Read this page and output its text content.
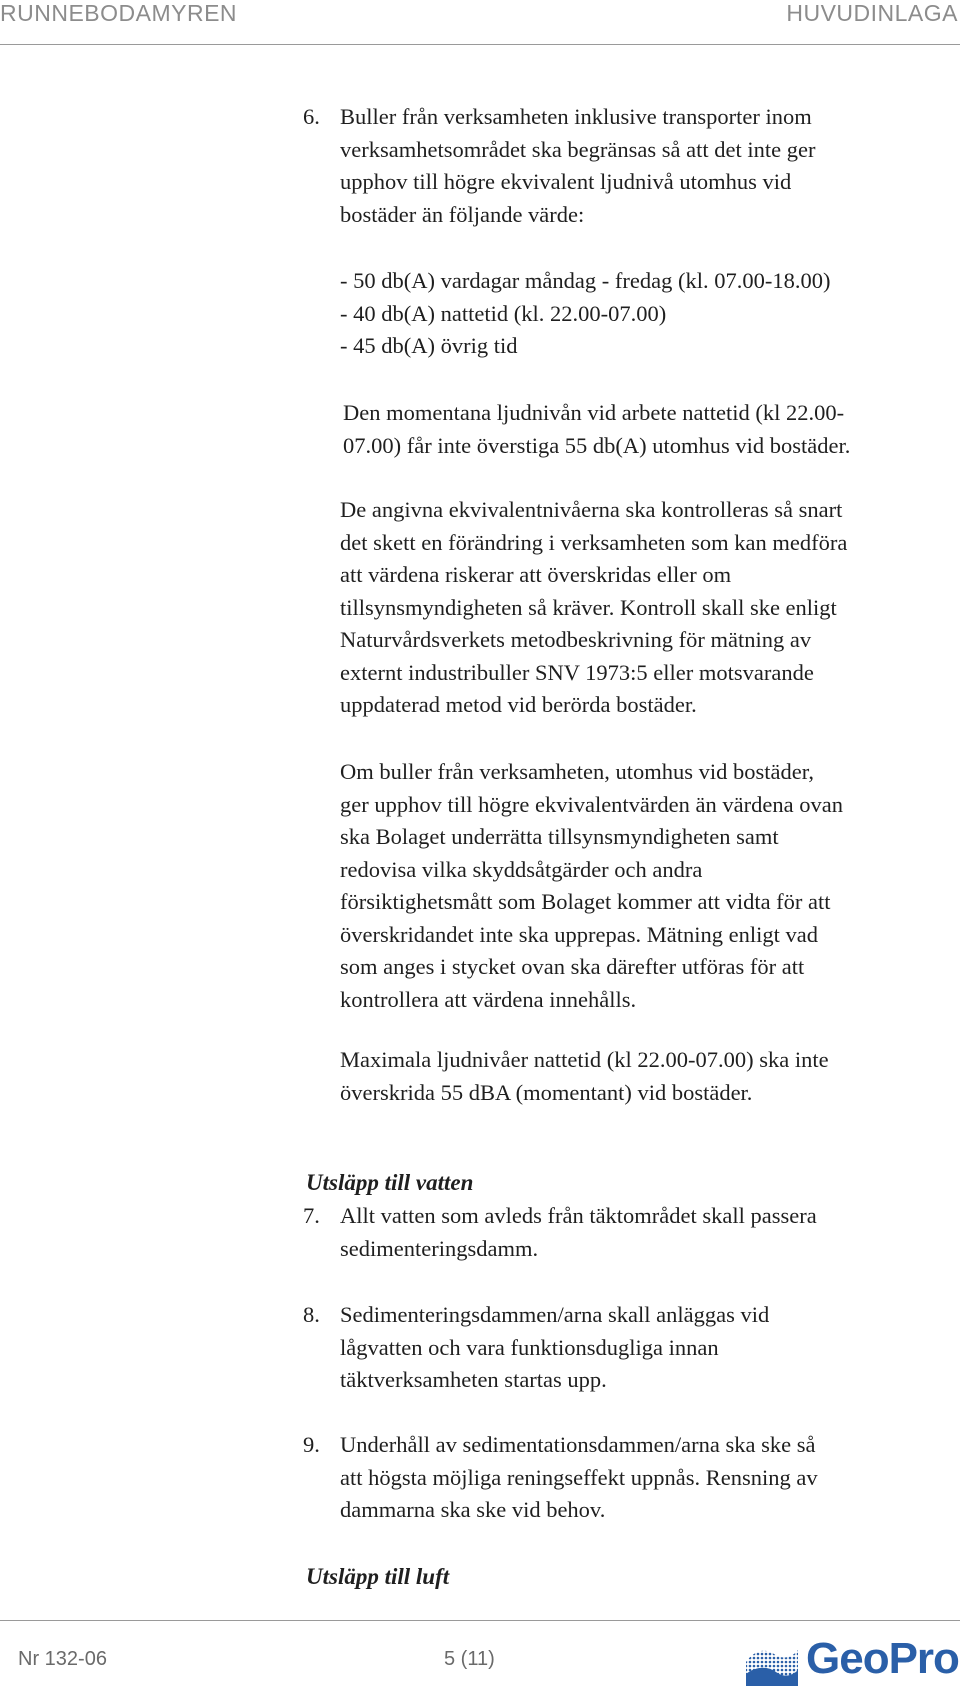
RUNNEBODAMYREN	HUVUDINLAGA
6. Buller från verksamheten inklusive transporter inom
verksamhetsområdet ska begränsas så att det inte ger
upphov till högre ekvivalent ljudnivå utomhus vid
bostäder än följande värde:
- 50 db(A) vardagar måndag - fredag (kl. 07.00-18.00)
- 40 db(A) nattetid (kl. 22.00-07.00)
- 45 db(A) övrig tid
Den momentana ljudnivån vid arbete nattetid (kl 22.00-
07.00) får inte överstiga 55 db(A) utomhus vid bostäder.
De angivna ekvivalentnivåerna ska kontrolleras så snart
det skett en förändring i verksamheten som kan medföra
att värdena riskerar att överskridas eller om
tillsynsmyndigheten så kräver. Kontroll skall ske enligt
Naturvårdsverkets metodbeskrivning för mätning av
externt industribuller SNV 1973:5 eller motsvarande
uppdaterad metod vid berörda bostäder.
Om buller från verksamheten, utomhus vid bostäder,
ger upphov till högre ekvivalentvärden än värdena ovan
ska Bolaget underrätta tillsynsmyndigheten samt
redovisa vilka skyddsåtgärder och andra
försiktighetsmått som Bolaget kommer att vidta för att
överskridandet inte ska upprepas. Mätning enligt vad
som anges i stycket ovan ska därefter utföras för att
kontrollera att värdena innehålls.
Maximala ljudnivåer nattetid (kl 22.00-07.00) ska inte
överskrida 55 dBA (momentant) vid bostäder.
Utsläpp till vatten
7. Allt vatten som avleds från täktområdet skall passera
sedimenteringsdamm.
8. Sedimenteringsdammen/arna skall anläggas vid
lågvatten och vara funktionsdugliga innan
täktverksamheten startas upp.
9. Underhåll av sedimentationsdammen/arna ska ske så
att högsta möjliga reningseffekt uppnås. Rensning av
dammarna ska ske vid behov.
Utsläpp till luft
Nr 132-06	5 (11)	GeoPro
